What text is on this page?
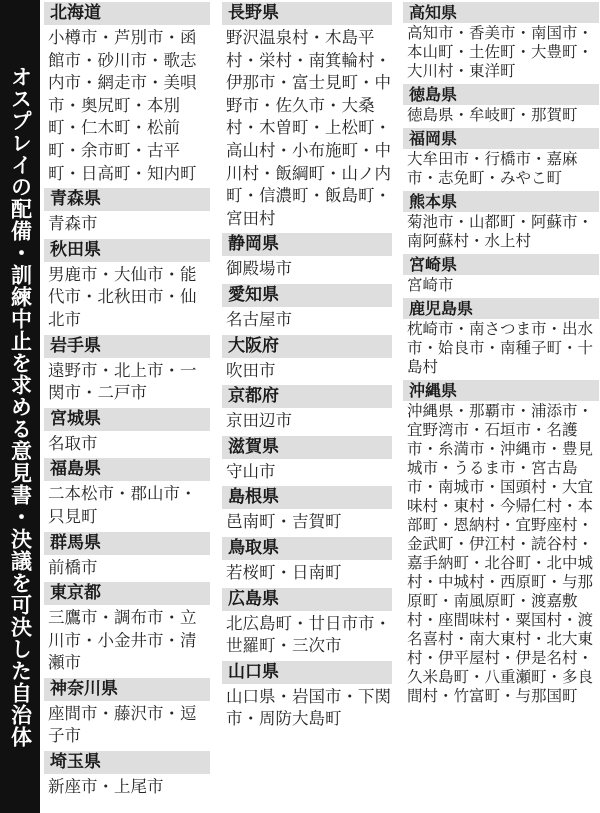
オスプレイの配備・訓練中止を求める意見書・決議を可決した自治体
北海道
小樽市・芦別市・函館市・砂川市・歌志内市・網走市・美唄市・奥尻町・本別町・仁木町・松前町・余市町・古平町・日高町・知内町
青森県
青森市
秋田県
男鹿市・大仙市・能代市・北秋田市・仙北市
岩手県
遠野市・北上市・一関市・二戸市
宮城県
名取市
福島県
二本松市・郡山市・只見町
群馬県
前橋市
東京都
三鷹市・調布市・立川市・小金井市・清瀬市
神奈川県
座間市・藤沢市・逗子市
埼玉県
新座市・上尾市
長野県
野沢温泉村・木島平村・栄村・南箕輪村・伊那市・富士見町・中野市・佐久市・大桑村・木曽町・上松町・高山村・小布施町・中川村・飯綱町・山ノ内町・信濃町・飯島町・宮田村
静岡県
御殿場市
愛知県
名古屋市
大阪府
吹田市
京都府
京田辺市
滋賀県
守山市
島根県
邑南町・吉賀町
鳥取県
若桜町・日南町
広島県
北広島町・廿日市市・世羅町・三次市
山口県
山口県・岩国市・下関市・周防大島町
高知県
高知市・香美市・南国市・本山町・土佐町・大豊町・大川村・東洋町
徳島県
徳島県・牟岐町・那賀町
福岡県
大牟田市・行橋市・嘉麻市・志免町・みやこ町
熊本県
菊池市・山都町・阿蘇市・南阿蘇村・水上村
宮崎県
宮崎市
鹿児島県
枕崎市・南さつま市・出水市・姶良市・南種子町・十島村
沖縄県
沖縄県・那覇市・浦添市・宜野湾市・石垣市・名護市・糸満市・沖縄市・豊見城市・うるま市・宮古島市・南城市・国頭村・大宜味村・東村・今帰仁村・本部町・恩納村・宜野座村・金武町・伊江村・読谷村・嘉手納町・北谷町・北中城村・中城村・西原町・与那原町・南風原町・渡嘉敷村・座間味村・粟国村・渡名喜村・南大東村・北大東村・伊平屋村・伊是名村・久米島町・八重瀬町・多良間村・竹富町・与那国町
